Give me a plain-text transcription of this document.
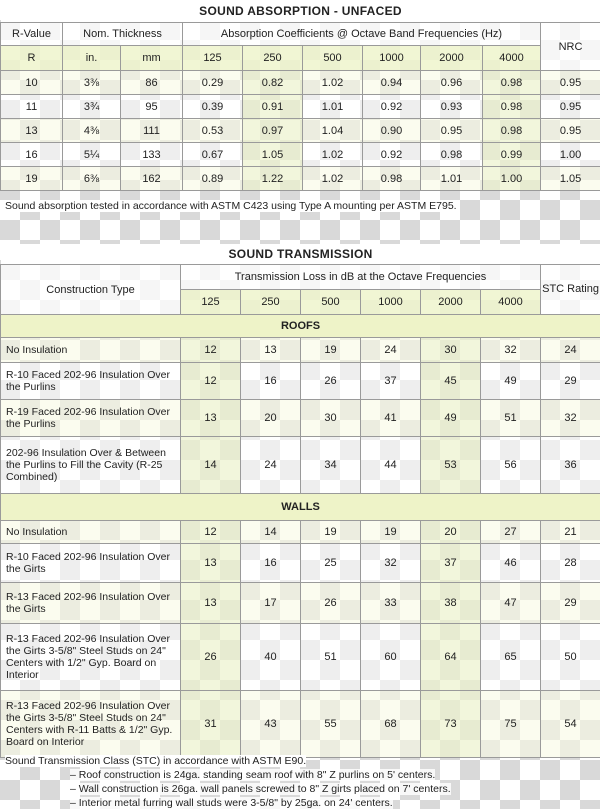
SOUND ABSORPTION - UNFACED									
R-Value	Nom. Thickness		Absorption Coefficients @ Octave Band Frequencies (Hz)						NRC
R	in.	mm	125	250	500	1000	2000	4000	
10	3⅜	86	0.29	0.82	1.02	0.94	0.96	0.98	0.95
11	3¾	95	0.39	0.91	1.01	0.92	0.93	0.98	0.95
13	4⅜	111	0.53	0.97	1.04	0.90	0.95	0.98	0.95
16	5¼	133	0.67	1.05	1.02	0.92	0.98	0.99	1.00
19	6⅜	162	0.89	1.22	1.02	0.98	1.01	1.00	1.05
Sound absorption tested in accordance with ASTM C423 using Type A mounting per ASTM E795.
SOUND TRANSMISSION							
Construction Type	Transmission Loss in dB at the Octave Frequencies						STC Rating
	125	250	500	1000	2000	4000	
ROOFS							
No Insulation	12	13	19	24	30	32	24
R-10 Faced 202-96 Insulation Over the Purlins	12	16	26	37	45	49	29
R-19 Faced 202-96 Insulation Over the Purlins	13	20	30	41	49	51	32
202-96 Insulation Over & Between the Purlins to Fill the Cavity (R-25 Combined)	14	24	34	44	53	56	36
WALLS							
No Insulation	12	14	19	19	20	27	21
R-10 Faced 202-96 Insulation Over the Girts	13	16	25	32	37	46	28
R-13 Faced 202-96 Insulation Over the Girts	13	17	26	33	38	47	29
R-13 Faced 202-96 Insulation Over the Girts 3-5/8" Steel Studs on 24" Centers with 1/2" Gyp. Board on Interior	26	40	51	60	64	65	50
R-13 Faced 202-96 Insulation Over the Girts 3-5/8" Steel Studs on 24" Centers with R-11 Batts & 1/2" Gyp. Board on Interior	31	43	55	68	73	75	54
Sound Transmission Class (STC) in accordance with ASTM E90.
– Roof construction is 24ga. standing seam roof with 8" Z purlins on 5' centers.
– Wall construction is 26ga. wall panels screwed to 8" Z girts placed on 7' centers.
– Interior metal furring wall studs were 3-5/8" by 25ga. on 24' centers.
